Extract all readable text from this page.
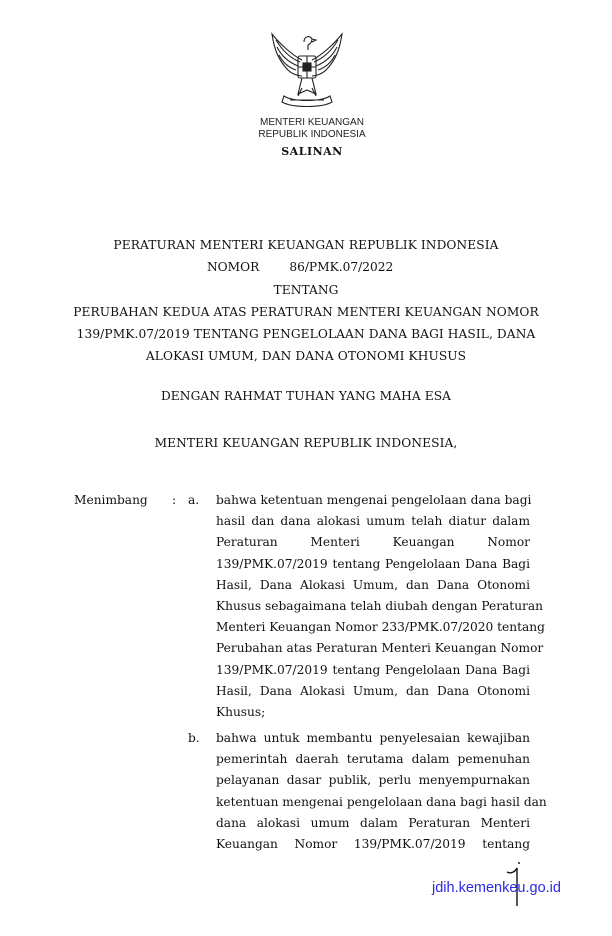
MENTERI KEUANGAN
REPUBLIK INDONESIA
SALINAN
PERATURAN MENTERI KEUANGAN REPUBLIK INDONESIA
NOMOR 86/PMK.07/2022
TENTANG
PERUBAHAN KEDUA ATAS PERATURAN MENTERI KEUANGAN NOMOR
139/PMK.07/2019 TENTANG PENGELOLAAN DANA BAGI HASIL, DANA
ALOKASI UMUM, DAN DANA OTONOMI KHUSUS
DENGAN RAHMAT TUHAN YANG MAHA ESA
MENTERI KEUANGAN REPUBLIK INDONESIA,
Menimbang : a. bahwa ketentuan mengenai pengelolaan dana bagi
hasil dan dana alokasi umum telah diatur dalam
Peraturan Menteri Keuangan Nomor
139/PMK.07/2019 tentang Pengelolaan Dana Bagi
Hasil, Dana Alokasi Umum, dan Dana Otonomi
Khusus sebagaimana telah diubah dengan Peraturan
Menteri Keuangan Nomor 233/PMK.07/2020 tentang
Perubahan atas Peraturan Menteri Keuangan Nomor
139/PMK.07/2019 tentang Pengelolaan Dana Bagi
Hasil, Dana Alokasi Umum, dan Dana Otonomi
Khusus;
b. bahwa untuk membantu penyelesaian kewajiban
pemerintah daerah terutama dalam pemenuhan
pelayanan dasar publik, perlu menyempurnakan
ketentuan mengenai pengelolaan dana bagi hasil dan
dana alokasi umum dalam Peraturan Menteri
Keuangan Nomor 139/PMK.07/2019 tentang
jdih.kemenkeu.go.id
